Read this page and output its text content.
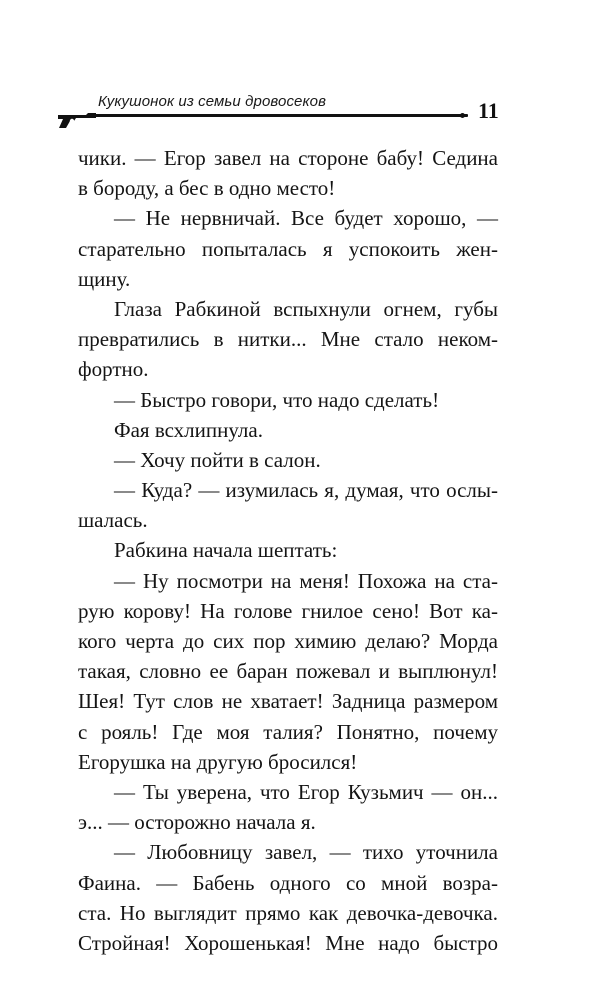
Кукушонок из семьи дровосеков	11
чики. — Егор завел на стороне бабу! Седина
в бороду, а бес в одно место!
— Не нервничай. Все будет хорошо, —
старательно попыталась я успокоить жен-
щину.
Глаза Рабкиной вспыхнули огнем, губы
превратились в нитки... Мне стало неком-
фортно.
— Быстро говори, что надо сделать!
Фая всхлипнула.
— Хочу пойти в салон.
— Куда? — изумилась я, думая, что ослы-
шалась.
Рабкина начала шептать:
— Ну посмотри на меня! Похожа на ста-
рую корову! На голове гнилое сено! Вот ка-
кого черта до сих пор химию делаю? Морда
такая, словно ее баран пожевал и выплюнул!
Шея! Тут слов не хватает! Задница размером
с рояль! Где моя талия? Понятно, почему
Егорушка на другую бросился!
— Ты уверена, что Егор Кузьмич — он...
э... — осторожно начала я.
— Любовницу завел, — тихо уточнила
Фаина. — Бабень одного со мной возра-
ста. Но выглядит прямо как девочка-девочка.
Стройная! Хорошенькая! Мне надо быстро
